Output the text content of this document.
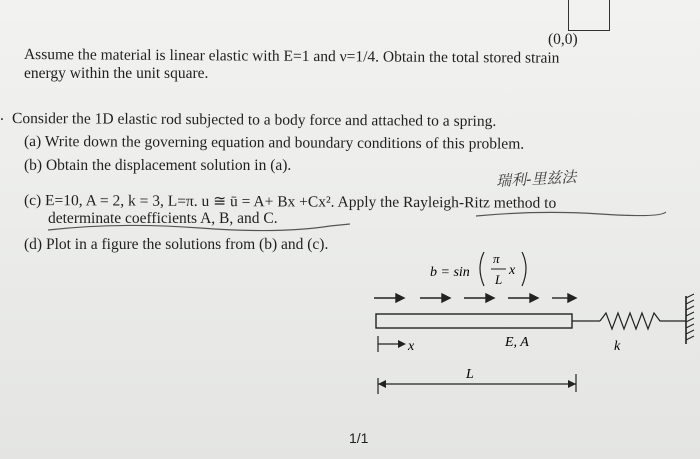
(0,0)
Assume the material is linear elastic with E=1 and ν=1/4. Obtain the total stored strain
energy within the unit square.
. Consider the 1D elastic rod subjected to a body force and attached to a spring.
(a) Write down the governing equation and boundary conditions of this problem.
(b) Obtain the displacement solution in (a).
瑞利-里兹法
(c) E=10, A = 2, k = 3, L=π. u ≅ ū = A+ Bx +Cx². Apply the Rayleigh-Ritz method to
determinate coefficients A, B, and C.
(d) Plot in a figure the solutions from (b) and (c).
b = sin
π
L
x
E, A	k
x
L
1/1
